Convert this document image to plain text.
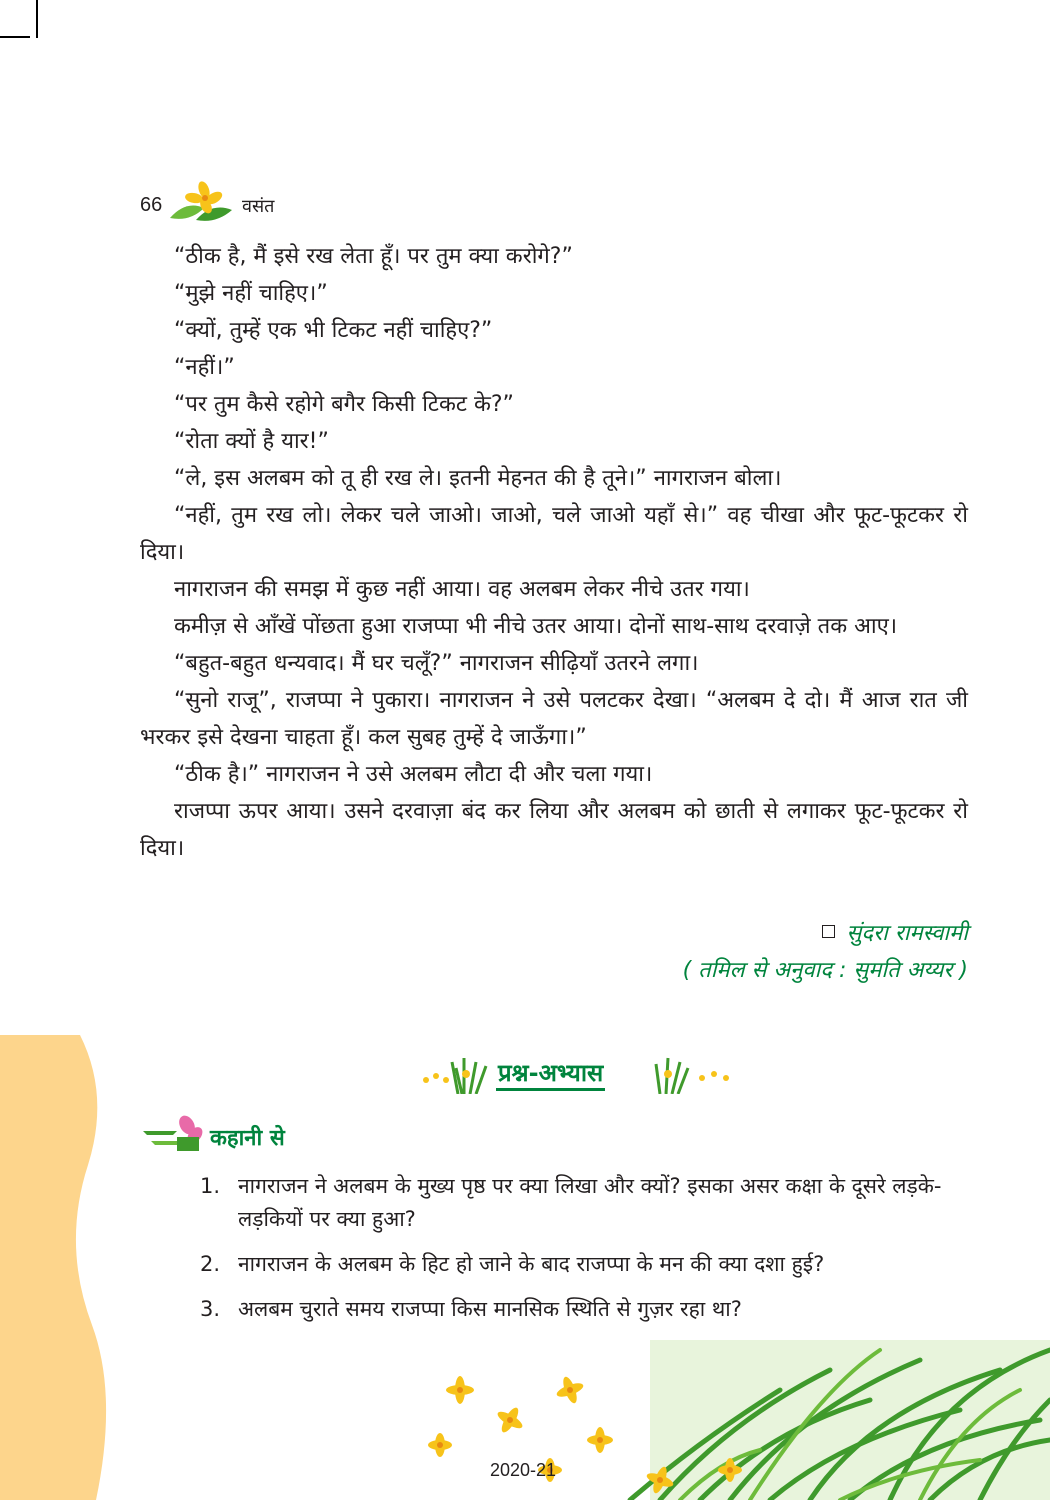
66	वसंत

“ठीक है, मैं इसे रख लेता हूँ। पर तुम क्या करोगे?”

“मुझे नहीं चाहिए।”

“क्यों, तुम्हें एक भी टिकट नहीं चाहिए?”

“नहीं।”

“पर तुम कैसे रहोगे बगैर किसी टिकट के?”

“रोता क्यों है यार!”

“ले, इस अलबम को तू ही रख ले। इतनी मेहनत की है तूने।” नागराजन बोला।

“नहीं, तुम रख लो। लेकर चले जाओ। जाओ, चले जाओ यहाँ से।” वह चीखा और फूट-फूटकर रो दिया।

नागराजन की समझ में कुछ नहीं आया। वह अलबम लेकर नीचे उतर गया।

कमीज़ से आँखें पोंछता हुआ राजप्पा भी नीचे उतर आया। दोनों साथ-साथ दरवाज़े तक आए।

“बहुत-बहुत धन्यवाद। मैं घर चलूँ?” नागराजन सीढ़ियाँ उतरने लगा।

“सुनो राजू”, राजप्पा ने पुकारा। नागराजन ने उसे पलटकर देखा। “अलबम दे दो। मैं आज रात जी भरकर इसे देखना चाहता हूँ। कल सुबह तुम्हें दे जाऊँगा।”

“ठीक है।” नागराजन ने उसे अलबम लौटा दी और चला गया।

राजप्पा ऊपर आया। उसने दरवाज़ा बंद कर लिया और अलबम को छाती से लगाकर फूट-फूटकर रो दिया।

सुंदरा रामस्वामी
( तमिल से अनुवाद : सुमति अय्यर )
प्रश्न-अभ्यास
कहानी से
1. नागराजन ने अलबम के मुख्य पृष्ठ पर क्या लिखा और क्यों? इसका असर कक्षा के दूसरे लड़के-लड़कियों पर क्या हुआ?
2. नागराजन के अलबम के हिट हो जाने के बाद राजप्पा के मन की क्या दशा हुई?
3. अलबम चुराते समय राजप्पा किस मानसिक स्थिति से गुज़र रहा था?
2020-21
